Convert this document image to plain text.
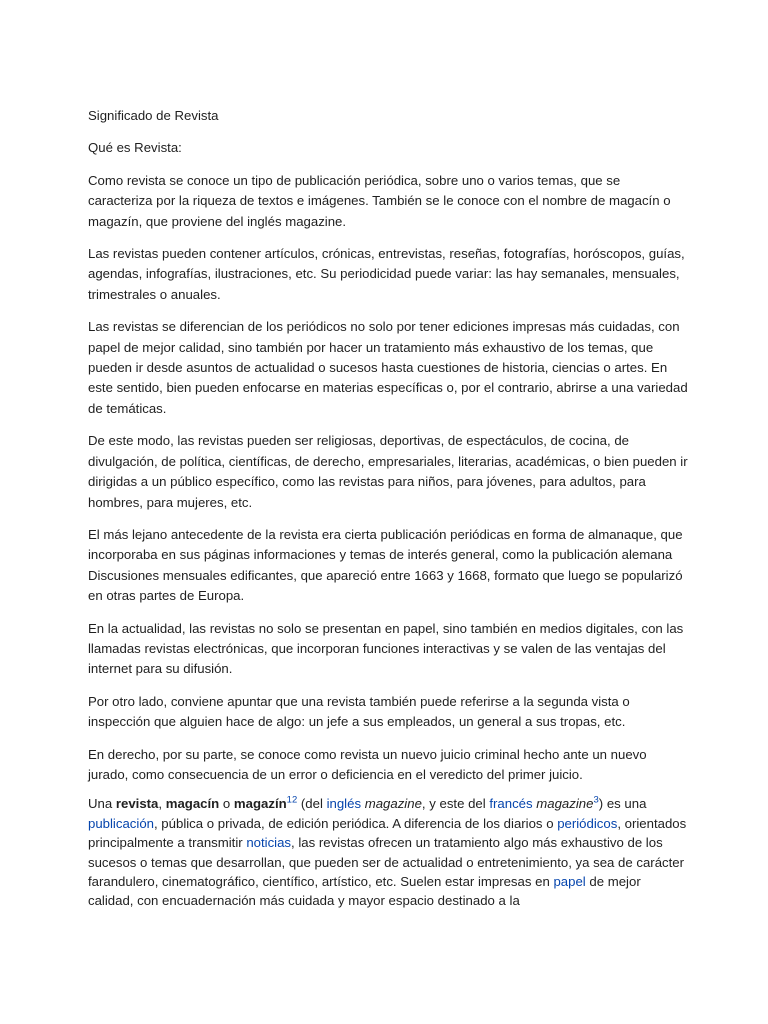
Significado de Revista

Qué es Revista:

Como revista se conoce un tipo de publicación periódica, sobre uno o varios temas, que se caracteriza por la riqueza de textos e imágenes. También se le conoce con el nombre de magacín o magazín, que proviene del inglés magazine.

Las revistas pueden contener artículos, crónicas, entrevistas, reseñas, fotografías, horóscopos, guías, agendas, infografías, ilustraciones, etc. Su periodicidad puede variar: las hay semanales, mensuales, trimestrales o anuales.

Las revistas se diferencian de los periódicos no solo por tener ediciones impresas más cuidadas, con papel de mejor calidad, sino también por hacer un tratamiento más exhaustivo de los temas, que pueden ir desde asuntos de actualidad o sucesos hasta cuestiones de historia, ciencias o artes. En este sentido, bien pueden enfocarse en materias específicas o, por el contrario, abrirse a una variedad de temáticas.

De este modo, las revistas pueden ser religiosas, deportivas, de espectáculos, de cocina, de divulgación, de política, científicas, de derecho, empresariales, literarias, académicas, o bien pueden ir dirigidas a un público específico, como las revistas para niños, para jóvenes, para adultos, para hombres, para mujeres, etc.

El más lejano antecedente de la revista era cierta publicación periódicas en forma de almanaque, que incorporaba en sus páginas informaciones y temas de interés general, como la publicación alemana Discusiones mensuales edificantes, que apareció entre 1663 y 1668, formato que luego se popularizó en otras partes de Europa.

En la actualidad, las revistas no solo se presentan en papel, sino también en medios digitales, con las llamadas revistas electrónicas, que incorporan funciones interactivas y se valen de las ventajas del internet para su difusión.

Por otro lado, conviene apuntar que una revista también puede referirse a la segunda vista o inspección que alguien hace de algo: un jefe a sus empleados, un general a sus tropas, etc.

En derecho, por su parte, se conoce como revista un nuevo juicio criminal hecho ante un nuevo jurado, como consecuencia de un error o deficiencia en el veredicto del primer juicio.

Una revista, magacín o magazín$^{12}$ (del inglés magazine, y este del francés magazine$^3$) es una publicación, pública o privada, de edición periódica. A diferencia de los diarios o periódicos, orientados principalmente a transmitir noticias, las revistas ofrecen un tratamiento algo más exhaustivo de los sucesos o temas que desarrollan, que pueden ser de actualidad o entretenimiento, ya sea de carácter farandulero, cinematográfico, científico, artístico, etc. Suelen estar impresas en papel de mejor calidad, con encuadernación más cuidada y mayor espacio destinado a la
